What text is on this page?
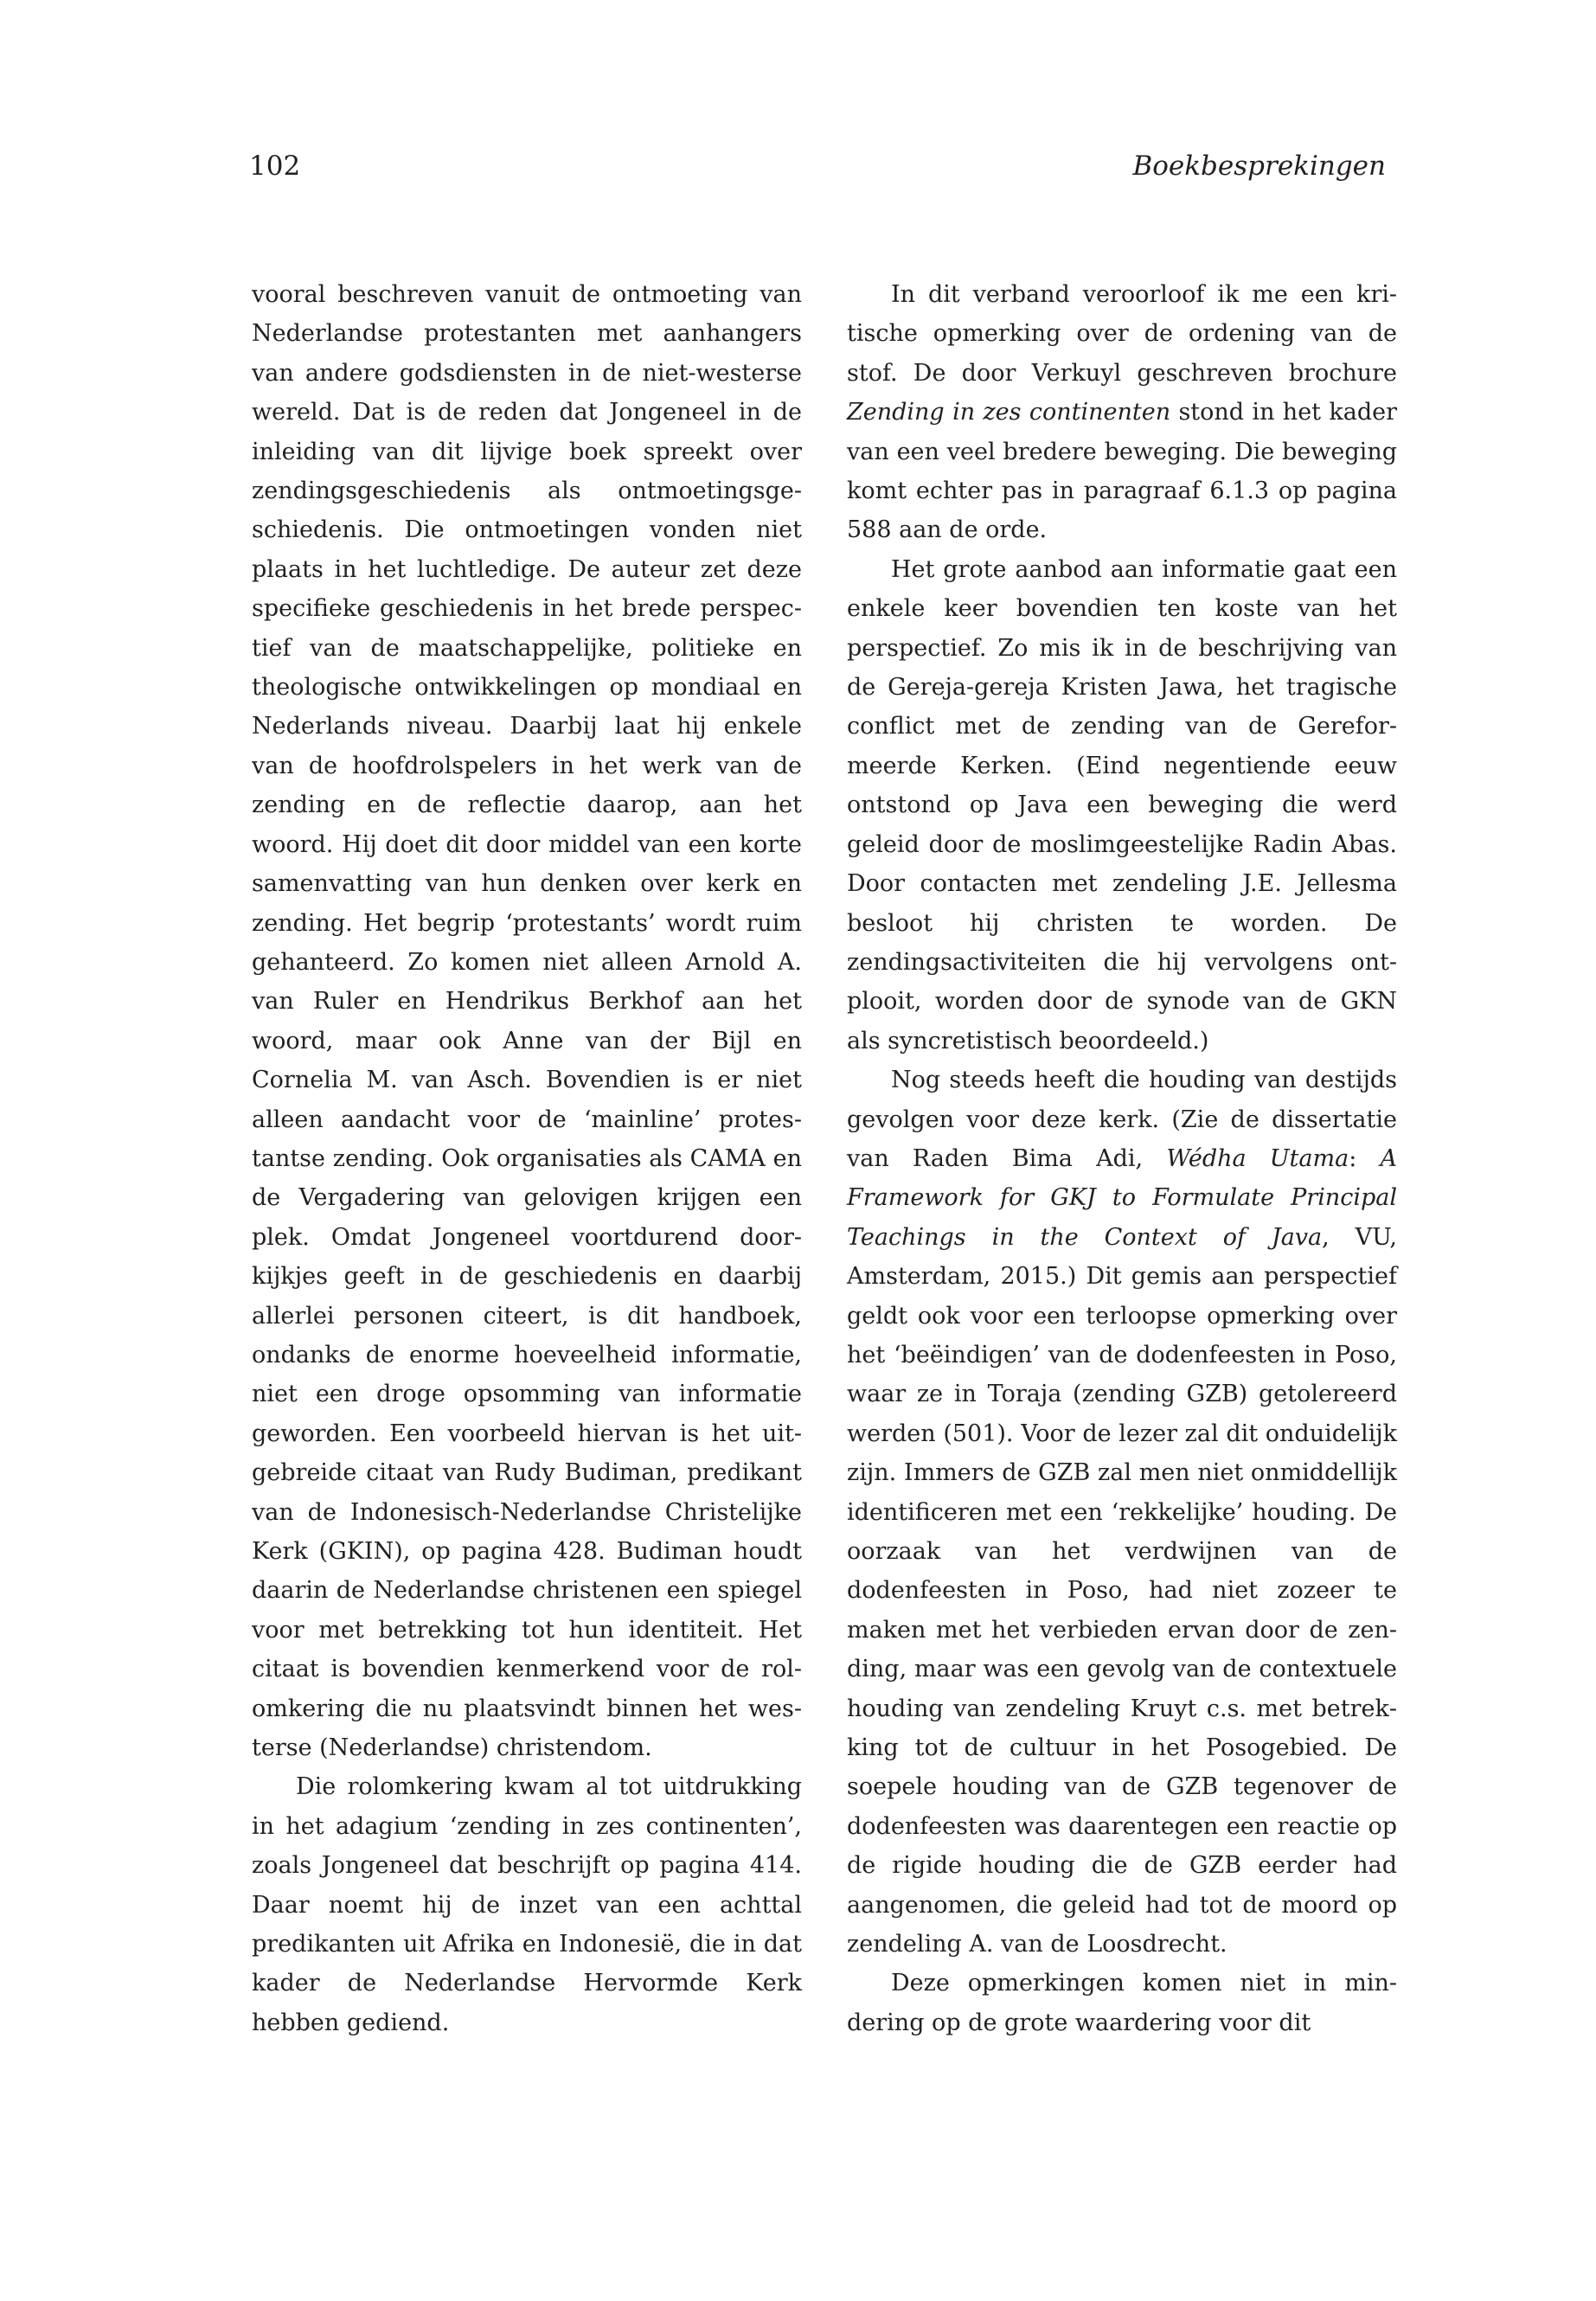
102	Boekbesprekingen

vooral beschreven vanuit de ontmoeting van Nederlandse protestanten met aanhangers van andere godsdiensten in de niet-westerse wereld. Dat is de reden dat Jongeneel in de inleiding van dit lijvige boek spreekt over zendingsgeschiedenis als ontmoetingsgeschiedenis. Die ontmoetingen vonden niet plaats in het luchtledige. De auteur zet deze specifieke geschiedenis in het brede perspectief van de maatschappelijke, politieke en theologische ontwikkelingen op mondiaal en Nederlands niveau. Daarbij laat hij enkele van de hoofdrolspelers in het werk van de zending en de reflectie daarop, aan het woord. Hij doet dit door middel van een korte samenvatting van hun denken over kerk en zending. Het begrip ‘protestants’ wordt ruim gehanteerd. Zo komen niet alleen Arnold A. van Ruler en Hendrikus Berkhof aan het woord, maar ook Anne van der Bijl en Cornelia M. van Asch. Bovendien is er niet alleen aandacht voor de ‘mainline’ protestantse zending. Ook organisaties als CAMA en de Vergadering van gelovigen krijgen een plek. Omdat Jongeneel voortdurend doorkijkjes geeft in de geschiedenis en daarbij allerlei personen citeert, is dit handboek, ondanks de enorme hoeveelheid informatie, niet een droge opsomming van informatie geworden. Een voorbeeld hiervan is het uitgebreide citaat van Rudy Budiman, predikant van de Indonesisch-Nederlandse Christelijke Kerk (GKIN), op pagina 428. Budiman houdt daarin de Nederlandse christenen een spiegel voor met betrekking tot hun identiteit. Het citaat is bovendien kenmerkend voor de rolomkering die nu plaatsvindt binnen het westerse (Nederlandse) christendom.

Die rolomkering kwam al tot uitdrukking in het adagium ‘zending in zes continenten’, zoals Jongeneel dat beschrijft op pagina 414. Daar noemt hij de inzet van een achttal predikanten uit Afrika en Indonesië, die in dat kader de Nederlandse Hervormde Kerk hebben gediend.

In dit verband veroorloof ik me een kritische opmerking over de ordening van de stof. De door Verkuyl geschreven brochure Zending in zes continenten stond in het kader van een veel bredere beweging. Die beweging komt echter pas in paragraaf 6.1.3 op pagina 588 aan de orde.

Het grote aanbod aan informatie gaat een enkele keer bovendien ten koste van het perspectief. Zo mis ik in de beschrijving van de Gereja-gereja Kristen Jawa, het tragische conflict met de zending van de Gereformeerde Kerken. (Eind negentiende eeuw ontstond op Java een beweging die werd geleid door de moslimgeestelijke Radin Abas. Door contacten met zendeling J.E. Jellesma besloot hij christen te worden. De zendingsactiviteiten die hij vervolgens ontplooit, worden door de synode van de GKN als syncretistisch beoordeeld.)

Nog steeds heeft die houding van destijds gevolgen voor deze kerk. (Zie de dissertatie van Raden Bima Adi, Wédha Utama: A Framework for GKJ to Formulate Principal Teachings in the Context of Java, VU, Amsterdam, 2015.) Dit gemis aan perspectief geldt ook voor een terloopse opmerking over het ‘beëindigen’ van de dodenfeesten in Poso, waar ze in Toraja (zending GZB) getolereerd werden (501). Voor de lezer zal dit onduidelijk zijn. Immers de GZB zal men niet onmiddellijk identificeren met een ‘rekkelijke’ houding. De oorzaak van het verdwijnen van de dodenfeesten in Poso, had niet zozeer te maken met het verbieden ervan door de zending, maar was een gevolg van de contextuele houding van zendeling Kruyt c.s. met betrekking tot de cultuur in het Posogebied. De soepele houding van de GZB tegenover de dodenfeesten was daarentegen een reactie op de rigide houding die de GZB eerder had aangenomen, die geleid had tot de moord op zendeling A. van de Loosdrecht.

Deze opmerkingen komen niet in mindering op de grote waardering voor dit
